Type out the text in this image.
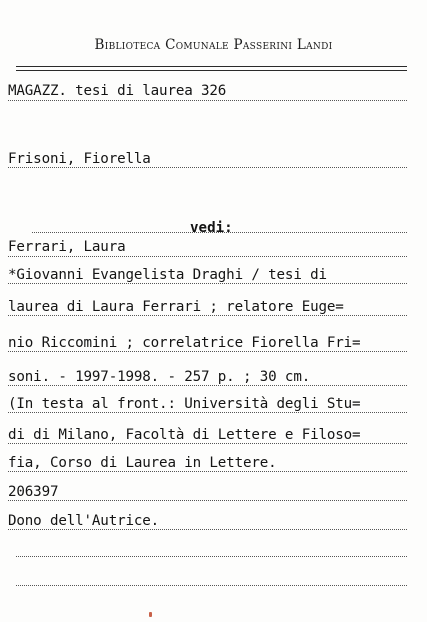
Biblioteca Comunale Passerini Landi
MAGAZZ. tesi di laurea 326
Frisoni, Fiorella
vedi:
Ferrari, Laura
*Giovanni Evangelista Draghi / tesi di
laurea di Laura Ferrari ; relatore Euge=
nio Riccomini ; correlatrice Fiorella Fri=
soni. - 1997-1998. - 257 p. ; 30 cm.
(In testa al front.: Università degli Stu=
di di Milano, Facoltà di Lettere e Filoso=
fia, Corso di Laurea in Lettere.
206397
Dono dell'Autrice.
